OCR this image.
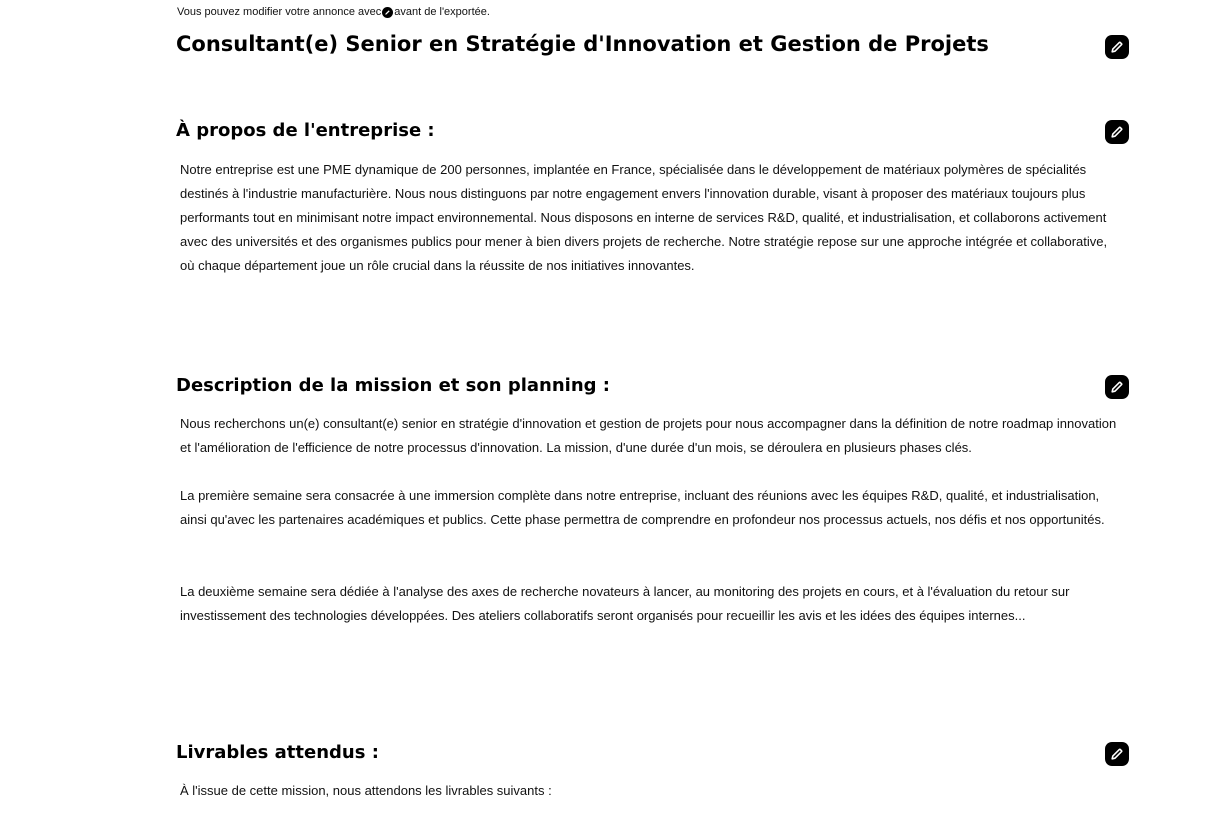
Vous pouvez modifier votre annonce avec avant de l'exportée.
Consultant(e) Senior en Stratégie d'Innovation et Gestion de Projets
À propos de l'entreprise :

Notre entreprise est une PME dynamique de 200 personnes, implantée en France, spécialisée dans le développement de matériaux polymères de spécialités destinés à l'industrie manufacturière. Nous nous distinguons par notre engagement envers l'innovation durable, visant à proposer des matériaux toujours plus performants tout en minimisant notre impact environnemental. Nous disposons en interne de services R&D, qualité, et industrialisation, et collaborons activement avec des universités et des organismes publics pour mener à bien divers projets de recherche. Notre stratégie repose sur une approche intégrée et collaborative, où chaque département joue un rôle crucial dans la réussite de nos initiatives innovantes.

Description de la mission et son planning :

Nous recherchons un(e) consultant(e) senior en stratégie d'innovation et gestion de projets pour nous accompagner dans la définition de notre roadmap innovation et l'amélioration de l'efficience de notre processus d'innovation. La mission, d'une durée d'un mois, se déroulera en plusieurs phases clés.

La première semaine sera consacrée à une immersion complète dans notre entreprise, incluant des réunions avec les équipes R&D, qualité, et industrialisation, ainsi qu'avec les partenaires académiques et publics. Cette phase permettra de comprendre en profondeur nos processus actuels, nos défis et nos opportunités.

La deuxième semaine sera dédiée à l'analyse des axes de recherche novateurs à lancer, au monitoring des projets en cours, et à l'évaluation du retour sur investissement des technologies développées. Des ateliers collaboratifs seront organisés pour recueillir les avis et les idées des équipes internes...

Livrables attendus :

À l'issue de cette mission, nous attendons les livrables suivants :
